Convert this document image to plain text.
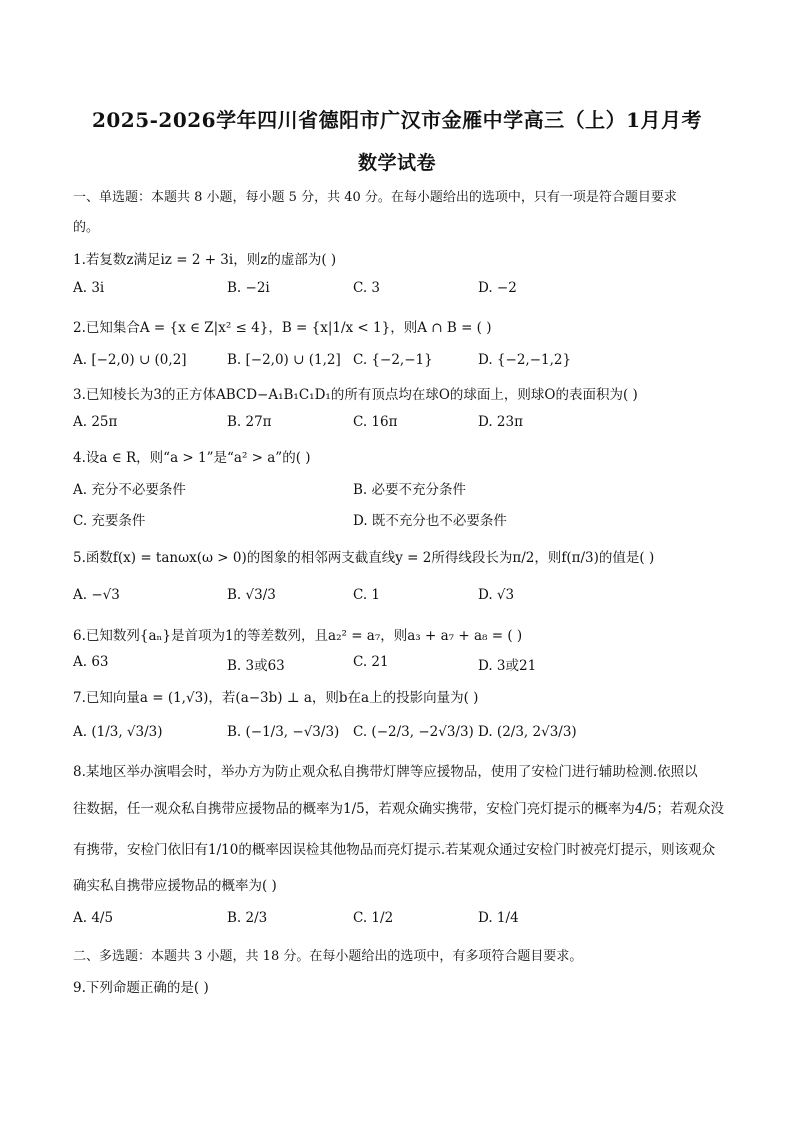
2025-2026学年四川省德阳市广汉市金雁中学高三（上）1月月考
数学试卷
一、单选题：本题共 8 小题，每小题 5 分，共 40 分。在每小题给出的选项中，只有一项是符合题目要求
的。
1.若复数z满足iz = 2 + 3i，则z的虚部为( )
A. 3i	B. −2i	C. 3	D. −2
2.已知集合A = {x ∈ Z|x² ≤ 4}，B = {x|1/x < 1}，则A ∩ B = ( )
A. [−2,0) ∪ (0,2]	B. [−2,0) ∪ (1,2] C. {−2,−1}	D. {−2,−1,2}
3.已知棱长为3的正方体ABCD−A₁B₁C₁D₁的所有顶点均在球O的球面上，则球O的表面积为( )
A. 25π	B. 27π	C. 16π	D. 23π
4.设a ∈ R，则“a > 1”是“a² > a”的( )
A. 充分不必要条件	B. 必要不充分条件
C. 充要条件	D. 既不充分也不必要条件
5.函数f(x) = tanωx(ω > 0)的图象的相邻两支截直线y = 2所得线段长为π/2，则f(π/3)的值是( )
A. −√3	B. √3/3	C. 1	D. √3
6.已知数列{aₙ}是首项为1的等差数列，且a₂² = a₇，则a₃ + a₇ + a₈ = ( )
A. 63	B. 3或63	C. 21	D. 3或21
7.已知向量a = (1,√3)，若(a−3b) ⊥ a，则b在a上的投影向量为( )
A. (1/3, √3/3)	B. (−1/3, −√3/3) C. (−2/3, −2√3/3) D. (2/3, 2√3/3)
8.某地区举办演唱会时，举办方为防止观众私自携带灯牌等应援物品，使用了安检门进行辅助检测.依照以
往数据，任一观众私自携带应援物品的概率为1/5，若观众确实携带，安检门亮灯提示的概率为4/5；若观众没
有携带，安检门依旧有1/10的概率因误检其他物品而亮灯提示.若某观众通过安检门时被亮灯提示，则该观众
确实私自携带应援物品的概率为( )
A. 4/5	B. 2/3	C. 1/2	D. 1/4
二、多选题：本题共 3 小题，共 18 分。在每小题给出的选项中，有多项符合题目要求。
9.下列命题正确的是( )
